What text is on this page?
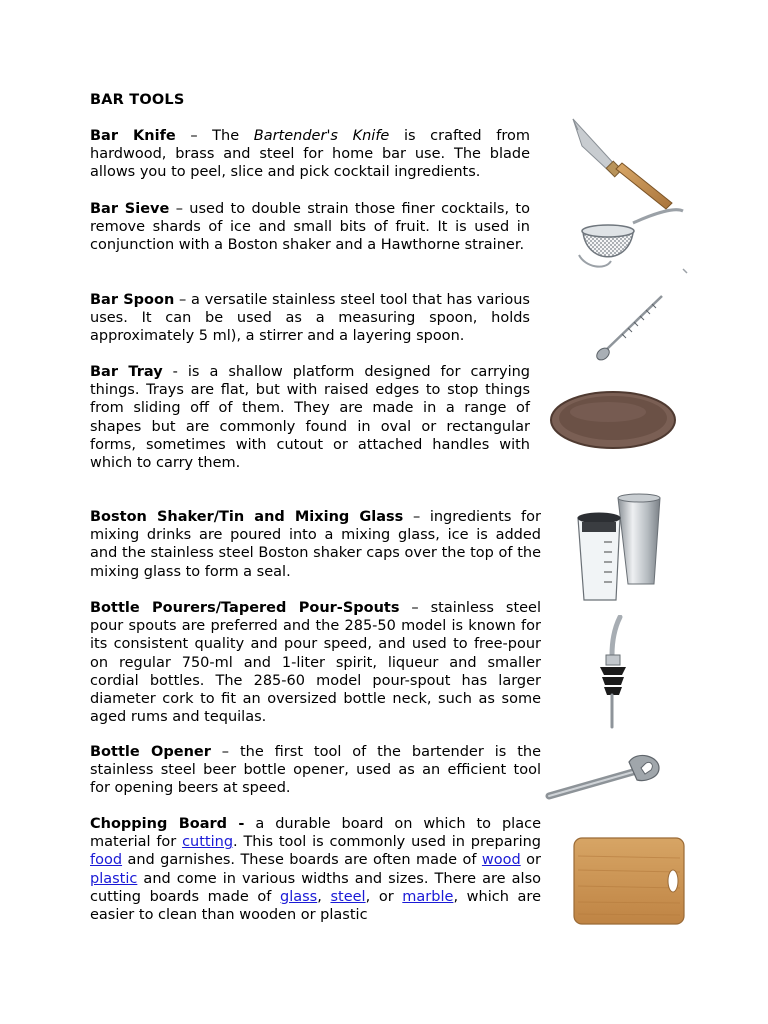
BAR TOOLS

Bar Knife – The Bartender's Knife is crafted from hardwood, brass and steel for home bar use. The blade allows you to peel, slice and pick cocktail ingredients.

Bar Sieve – used to double strain those finer cocktails, to remove shards of ice and small bits of fruit. It is used in conjunction with a Boston shaker and a Hawthorne strainer.

Bar Spoon – a versatile stainless steel tool that has various uses. It can be used as a measuring spoon, holds approximately 5 ml), a stirrer and a layering spoon.

Bar Tray - is a shallow platform designed for carrying things. Trays are flat, but with raised edges to stop things from sliding off of them. They are made in a range of shapes but are commonly found in oval or rectangular forms, sometimes with cutout or attached handles with which to carry them.

Boston Shaker/Tin and Mixing Glass – ingredients for mixing drinks are poured into a mixing glass, ice is added and the stainless steel Boston shaker caps over the top of the mixing glass to form a seal.

Bottle Pourers/Tapered Pour-Spouts – stainless steel pour spouts are preferred and the 285-50 model is known for its consistent quality and pour speed, and used to free-pour on regular 750-ml and 1-liter spirit, liqueur and smaller cordial bottles. The 285-60 model pour-spout has larger diameter cork to fit an oversized bottle neck, such as some aged rums and tequilas.

Bottle Opener – the first tool of the bartender is the stainless steel beer bottle opener, used as an efficient tool for opening beers at speed.

Chopping Board - a durable board on which to place material for cutting. This tool is commonly used in preparing food and garnishes. These boards are often made of wood or plastic and come in various widths and sizes. There are also cutting boards made of glass, steel, or marble, which are easier to clean than wooden or plastic
